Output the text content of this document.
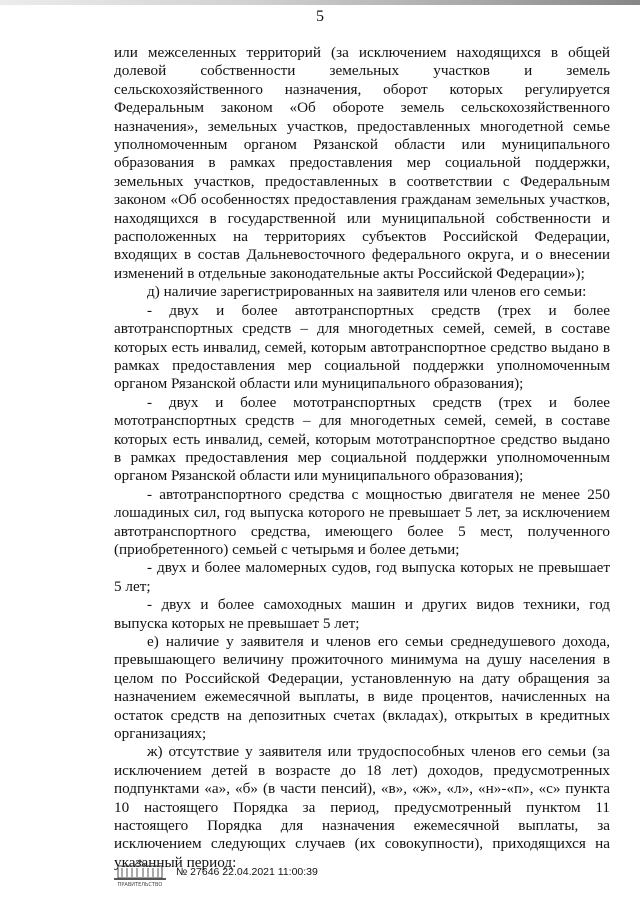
5

или межселенных территорий (за исключением находящихся в общей долевой собственности земельных участков и земель сельскохозяйственного назначения, оборот которых регулируется Федеральным законом «Об обороте земель сельскохозяйственного назначения», земельных участков, предоставленных многодетной семье уполномоченным органом Рязанской области или муниципального образования в рамках предоставления мер социальной поддержки, земельных участков, предоставленных в соответствии с Федеральным законом «Об особенностях предоставления гражданам земельных участков, находящихся в государственной или муниципальной собственности и расположенных на территориях субъектов Российской Федерации, входящих в состав Дальневосточного федерального округа, и о внесении изменений в отдельные законодательные акты Российской Федерации»);

д) наличие зарегистрированных на заявителя или членов его семьи:

- двух и более автотранспортных средств (трех и более автотранспортных средств – для многодетных семей, семей, в составе которых есть инвалид, семей, которым автотранспортное средство выдано в рамках предоставления мер социальной поддержки уполномоченным органом Рязанской области или муниципального образования);

- двух и более мототранспортных средств (трех и более мототранспортных средств – для многодетных семей, семей, в составе которых есть инвалид, семей, которым мототранспортное средство выдано в рамках предоставления мер социальной поддержки уполномоченным органом Рязанской области или муниципального образования);

- автотранспортного средства с мощностью двигателя не менее 250 лошадиных сил, год выпуска которого не превышает 5 лет, за исключением автотранспортного средства, имеющего более 5 мест, полученного (приобретенного) семьей с четырьмя и более детьми;

- двух и более маломерных судов, год выпуска которых не превышает 5 лет;

- двух и более самоходных машин и других видов техники, год выпуска которых не превышает 5 лет;

е) наличие у заявителя и членов его семьи среднедушевого дохода, превышающего величину прожиточного минимума на душу населения в целом по Российской Федерации, установленную на дату обращения за назначением ежемесячной выплаты, в виде процентов, начисленных на остаток средств на депозитных счетах (вкладах), открытых в кредитных организациях;

ж) отсутствие у заявителя или трудоспособных членов его семьи (за исключением детей в возрасте до 18 лет) доходов, предусмотренных подпунктами «а», «б» (в части пенсий), «в», «ж», «л», «н»-«п», «с» пункта 10 настоящего Порядка за период, предусмотренный пунктом 11 настоящего Порядка для назначения ежемесячной выплаты, за исключением следующих случаев (их совокупности), приходящихся на указанный период:

ПРАВИТЕЛЬСТВО
№ 27646 22.04.2021 11:00:39
